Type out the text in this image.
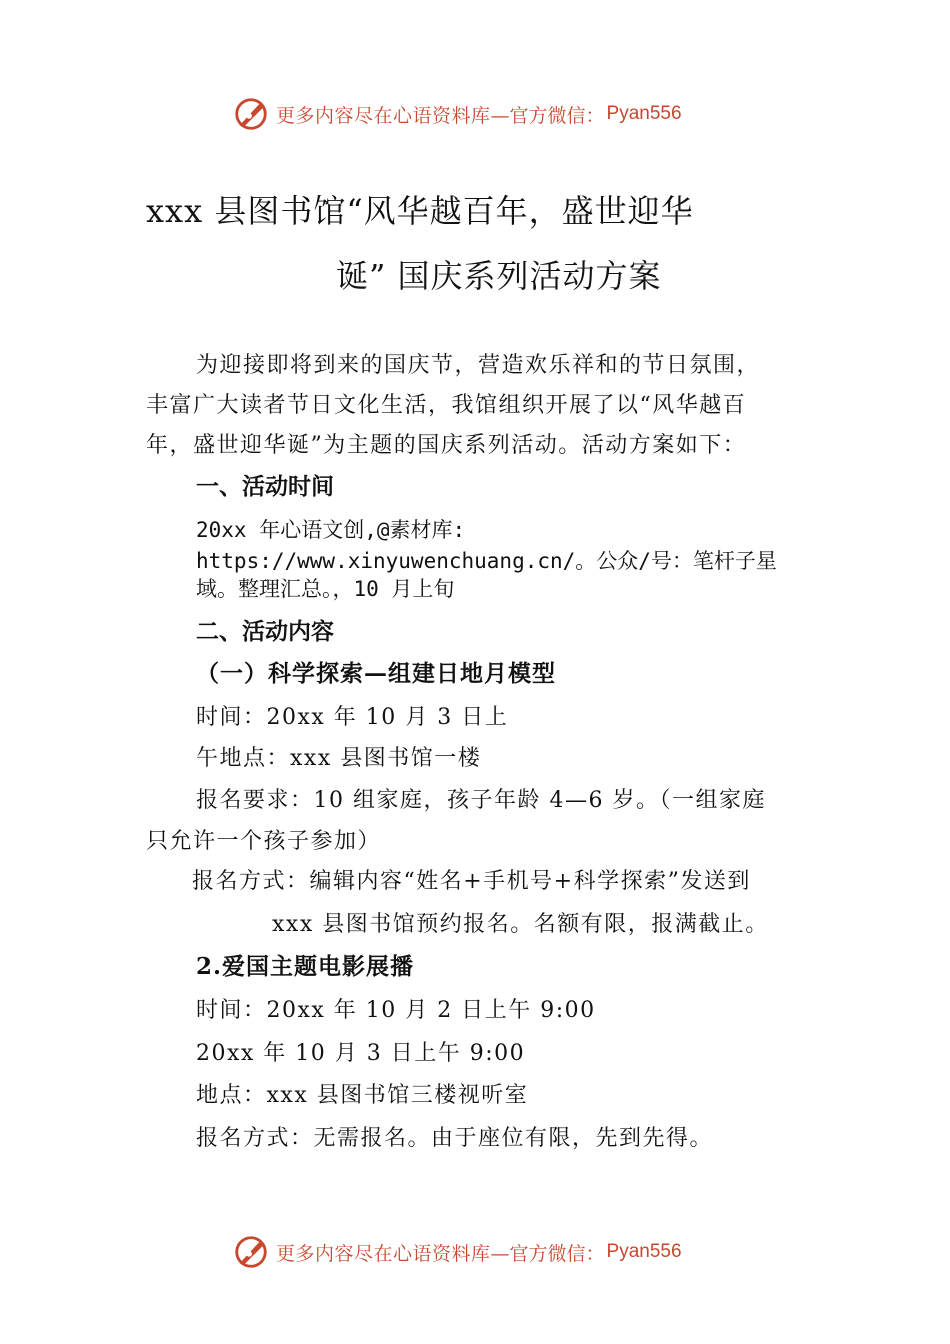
更多内容尽在心语资料库 —官方微信： Pyan556
xxx 县图书馆“风华越百年，盛世迎华
诞” 国庆系列活动方案
为迎接即将到来的国庆节，营造欢乐祥和的节日氛围，
丰富广大读者节日文化生活，我馆组织开展了以“风华越百
年，盛世迎华诞”为主题的国庆系列活动。活动方案如下：
一、活动时间
20xx 年心语文创,@素材库:
https://www.xinyuwenchuang.cn/。公众/号：笔杆子星
域。整理汇总。，10 月上旬
二、活动内容
（一）科学探索—组建日地月模型
时间：20xx 年 10 月 3 日上
午地点：xxx 县图书馆一楼
报名要求：10 组家庭，孩子年龄 4—6 岁。（一组家庭
只允许一个孩子参加）
报名方式：编辑内容“姓名+手机号+科学探索”发送到
xxx 县图书馆预约报名。名额有限，报满截止。
2.爱国主题电影展播
时间：20xx 年 10 月 2 日上午 9:00
20xx 年 10 月 3 日上午 9:00
地点：xxx 县图书馆三楼视听室
报名方式：无需报名。由于座位有限，先到先得。
更多内容尽在心语资料库 —官方微信： Pyan556
